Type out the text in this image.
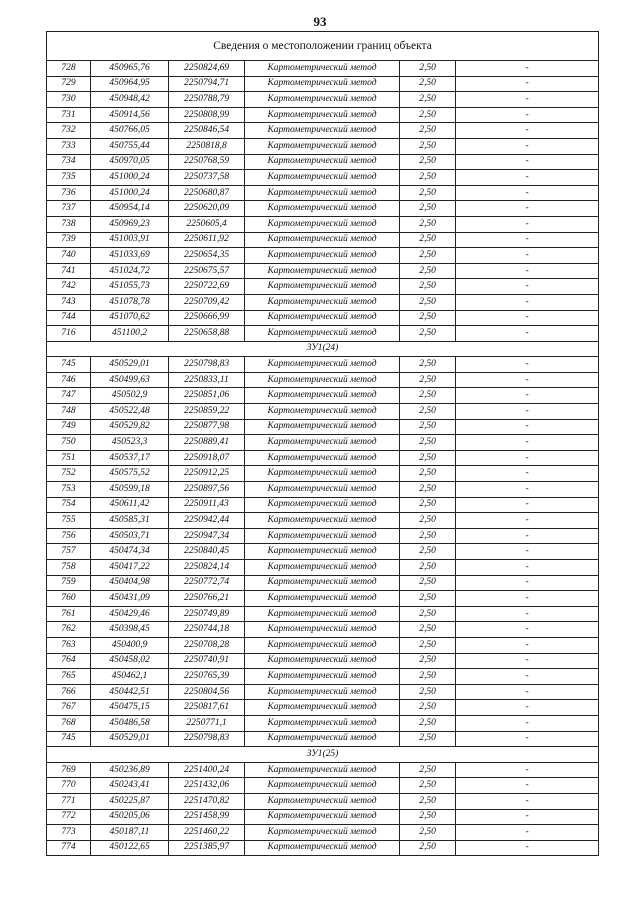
93
Сведения о местоположении границ объекта					
728	450965,76	2250824,69	Картометрический метод	2,50	-
729	450964,95	2250794,71	Картометрический метод	2,50	-
730	450948,42	2250788,79	Картометрический метод	2,50	-
731	450914,56	2250808,99	Картометрический метод	2,50	-
732	450766,05	2250846,54	Картометрический метод	2,50	-
733	450755,44	2250818,8	Картометрический метод	2,50	-
734	450970,05	2250768,59	Картометрический метод	2,50	-
735	451000,24	2250737,58	Картометрический метод	2,50	-
736	451000,24	2250680,87	Картометрический метод	2,50	-
737	450954,14	2250620,09	Картометрический метод	2,50	-
738	450969,23	2250605,4	Картометрический метод	2,50	-
739	451003,91	2250611,92	Картометрический метод	2,50	-
740	451033,69	2250654,35	Картометрический метод	2,50	-
741	451024,72	2250675,57	Картометрический метод	2,50	-
742	451055,73	2250722,69	Картометрический метод	2,50	-
743	451078,78	2250709,42	Картометрический метод	2,50	-
744	451070,62	2250666,99	Картометрический метод	2,50	-
716	451100,2	2250658,88	Картометрический метод	2,50	-
ЗУ1(24)					
745	450529,01	2250798,83	Картометрический метод	2,50	-
746	450499,63	2250833,11	Картометрический метод	2,50	-
747	450502,9	2250851,06	Картометрический метод	2,50	-
748	450522,48	2250859,22	Картометрический метод	2,50	-
749	450529,82	2250877,98	Картометрический метод	2,50	-
750	450523,3	2250889,41	Картометрический метод	2,50	-
751	450537,17	2250918,07	Картометрический метод	2,50	-
752	450575,52	2250912,25	Картометрический метод	2,50	-
753	450599,18	2250897,56	Картометрический метод	2,50	-
754	450611,42	2250911,43	Картометрический метод	2,50	-
755	450585,31	2250942,44	Картометрический метод	2,50	-
756	450503,71	2250947,34	Картометрический метод	2,50	-
757	450474,34	2250840,45	Картометрический метод	2,50	-
758	450417,22	2250824,14	Картометрический метод	2,50	-
759	450404,98	2250772,74	Картометрический метод	2,50	-
760	450431,09	2250766,21	Картометрический метод	2,50	-
761	450429,46	2250749,89	Картометрический метод	2,50	-
762	450398,45	2250744,18	Картометрический метод	2,50	-
763	450400,9	2250708,28	Картометрический метод	2,50	-
764	450458,02	2250740,91	Картометрический метод	2,50	-
765	450462,1	2250765,39	Картометрический метод	2,50	-
766	450442,51	2250804,56	Картометрический метод	2,50	-
767	450475,15	2250817,61	Картометрический метод	2,50	-
768	450486,58	2250771,1	Картометрический метод	2,50	-
745	450529,01	2250798,83	Картометрический метод	2,50	-
ЗУ1(25)					
769	450236,89	2251400,24	Картометрический метод	2,50	-
770	450243,41	2251432,06	Картометрический метод	2,50	-
771	450225,87	2251470,82	Картометрический метод	2,50	-
772	450205,06	2251458,99	Картометрический метод	2,50	-
773	450187,11	2251460,22	Картометрический метод	2,50	-
774	450122,65	2251385,97	Картометрический метод	2,50	-
